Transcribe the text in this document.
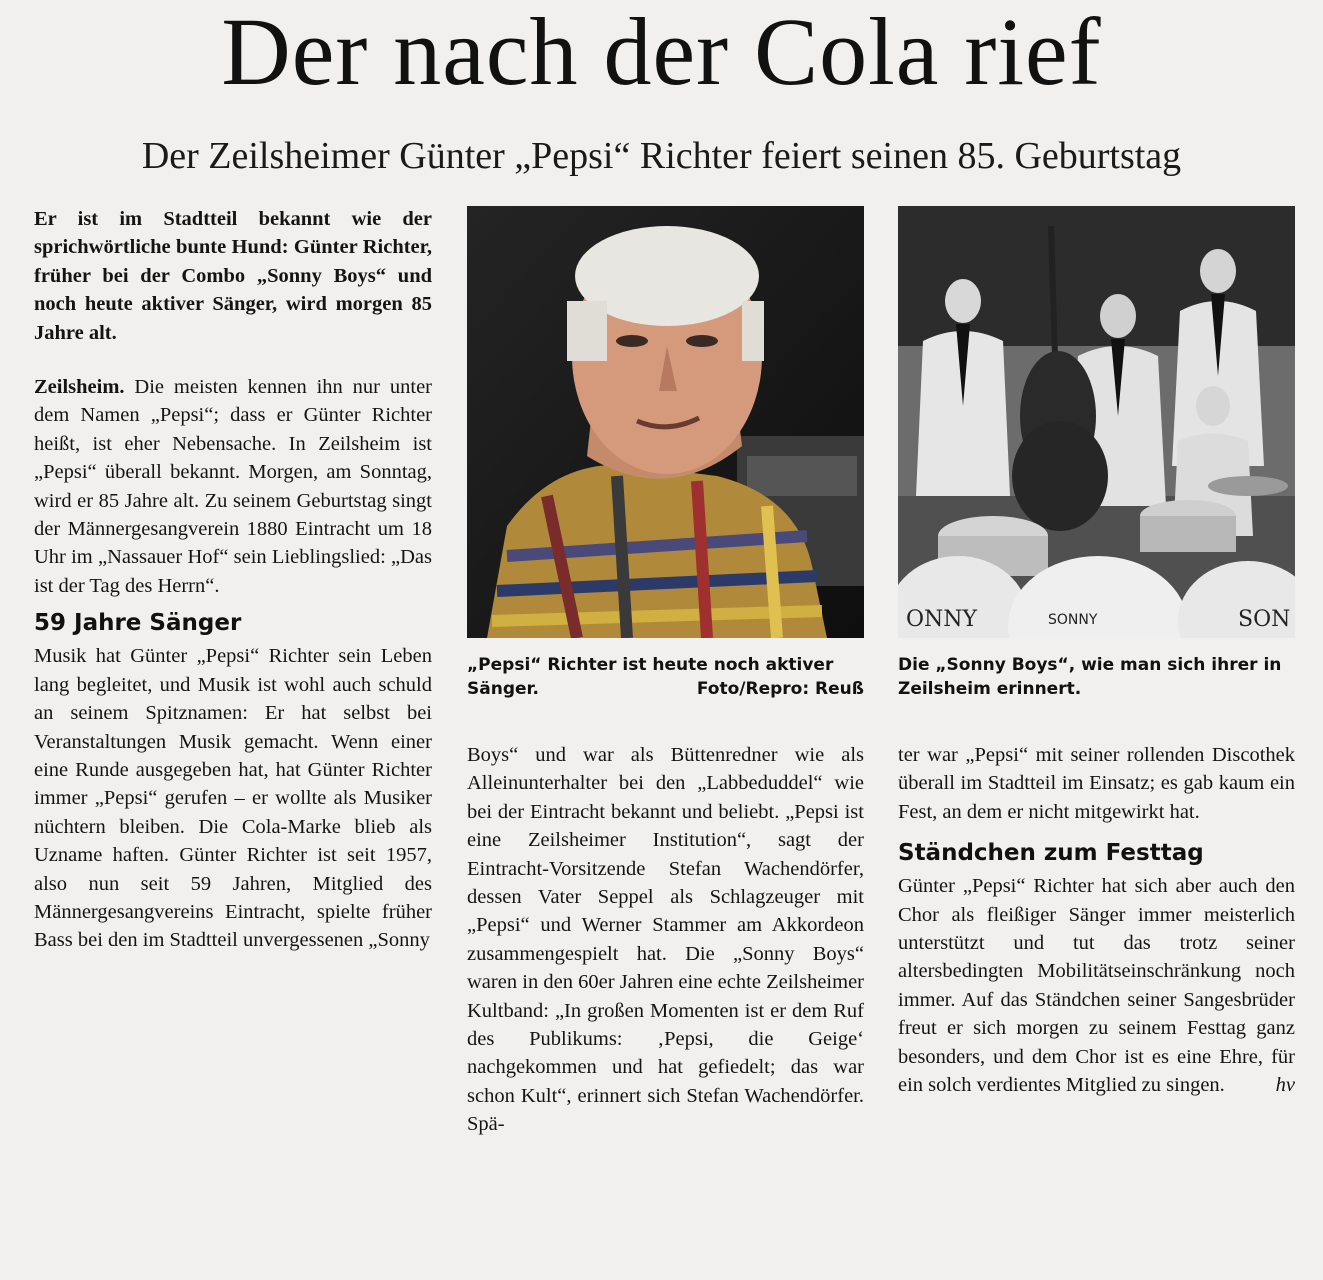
Der nach der Cola rief
Der Zeilsheimer Günter „Pepsi“ Richter feiert seinen 85. Geburtstag

Er ist im Stadtteil bekannt wie der sprichwörtliche bunte Hund: Günter Richter, früher bei der Combo „Sonny Boys“ und noch heute aktiver Sänger, wird morgen 85 Jahre alt.

Zeilsheim. Die meisten kennen ihn nur unter dem Namen „Pepsi“; dass er Günter Richter heißt, ist eher Nebensache. In Zeilsheim ist „Pepsi“ überall bekannt. Morgen, am Sonntag, wird er 85 Jahre alt. Zu seinem Geburtstag singt der Männergesangverein 1880 Eintracht um 18 Uhr im „Nassauer Hof“ sein Lieblingslied: „Das ist der Tag des Herrn“.

59 Jahre Sänger

Musik hat Günter „Pepsi“ Richter sein Leben lang begleitet, und Musik ist wohl auch schuld an seinem Spitznamen: Er hat selbst bei Veranstaltungen Musik gemacht. Wenn einer eine Runde ausgegeben hat, hat Günter Richter immer „Pepsi“ gerufen – er wollte als Musiker nüchtern bleiben. Die Cola-Marke blieb als Uzname haften. Günter Richter ist seit 1957, also nun seit 59 Jahren, Mitglied des Männergesangvereins Eintracht, spielte früher Bass bei den im Stadtteil unvergessenen „Sonny

„Pepsi“ Richter ist heute noch aktiver Sänger.	Foto/Repro: Reuß
ONNY	SONNY	SON
Die „Sonny Boys“, wie man sich ihrer in Zeilsheim erinnert.

Boys“ und war als Büttenredner wie als Alleinunterhalter bei den „Labbeduddel“ wie bei der Eintracht bekannt und beliebt. „Pepsi ist eine Zeilsheimer Institution“, sagt der Eintracht-Vorsitzende Stefan Wachendörfer, dessen Vater Seppel als Schlagzeuger mit „Pepsi“ und Werner Stammer am Akkordeon zusammengespielt hat. Die „Sonny Boys“ waren in den 60er Jahren eine echte Zeilsheimer Kultband: „In großen Momenten ist er dem Ruf des Publikums: ‚Pepsi, die Geige‘ nachgekommen und hat gefiedelt; das war schon Kult“, erinnert sich Stefan Wachendörfer. Spä-

ter war „Pepsi“ mit seiner rollenden Discothek überall im Stadtteil im Einsatz; es gab kaum ein Fest, an dem er nicht mitgewirkt hat.

Ständchen zum Festtag

Günter „Pepsi“ Richter hat sich aber auch den Chor als fleißiger Sänger immer meisterlich unterstützt und tut das trotz seiner altersbedingten Mobilitätseinschränkung noch immer. Auf das Ständchen seiner Sangesbrüder freut er sich morgen zu seinem Festtag ganz besonders, und dem Chor ist es eine Ehre, für ein solch verdientes Mitglied zu singen. hv
